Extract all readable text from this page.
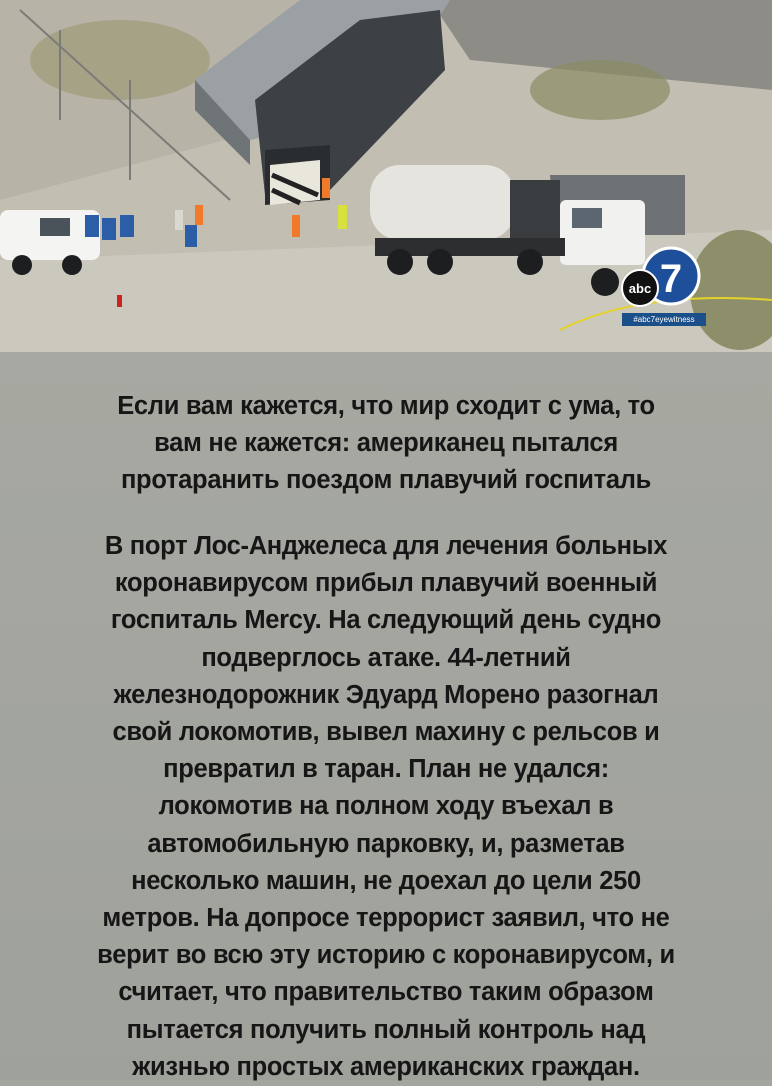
7
abc
#abc7eyewitness

Если вам кажется, что мир сходит с ума, то
вам не кажется: американец пытался
протаранить поездом плавучий госпиталь

В порт Лос-Анджелеса для лечения больных
коронавирусом прибыл плавучий военный
госпиталь Mercy. На следующий день судно
подверглось атаке. 44-летний
железнодорожник Эдуард Морено разогнал
свой локомотив, вывел махину с рельсов и
превратил в таран. План не удался:
локомотив на полном ходу въехал в
автомобильную парковку, и, разметав
несколько машин, не доехал до цели 250
метров. На допросе террорист заявил, что не
верит во всю эту историю с коронавирусом, и
считает, что правительство таким образом
пытается получить полный контроль над
жизнью простых американских граждан.
